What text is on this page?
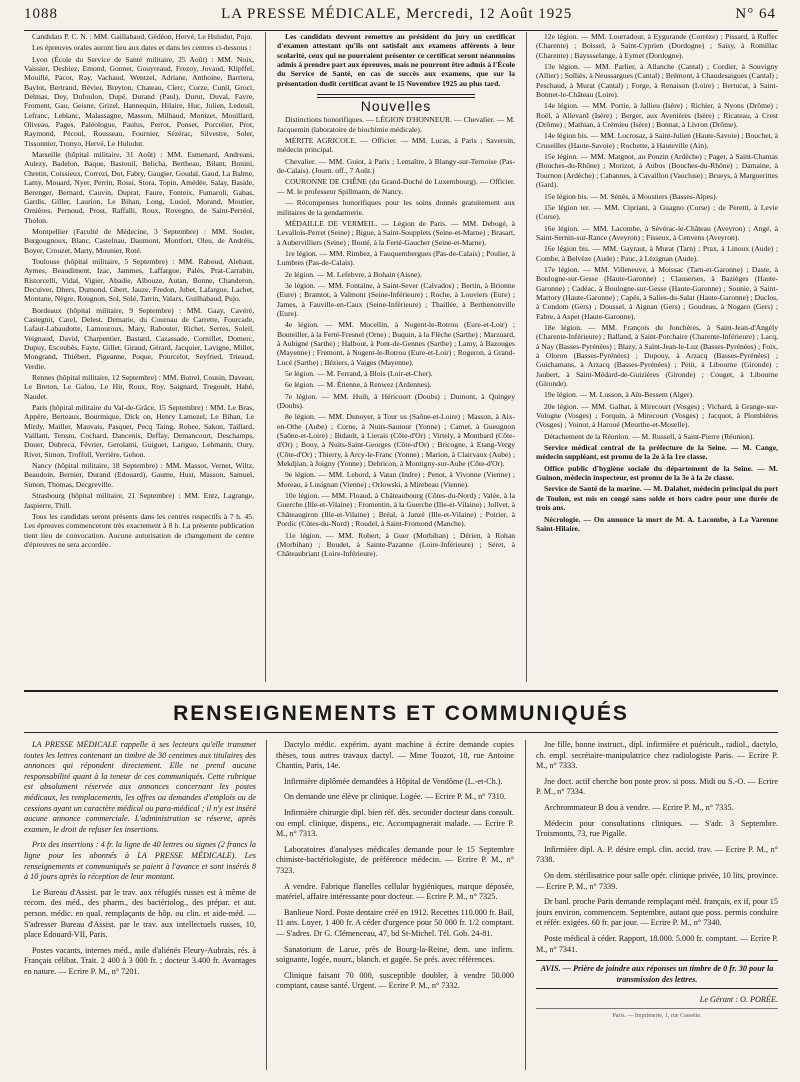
1088	LA PRESSE MÉDICALE, Mercredi, 12 Août 1925	N° 64

Candidats P. C. N. : MM. Gaillabaud, Gédéon, Hervé, Le Huludut, Pujo.

Les épreuves orales auront lieu aux dates et dans les centres ci-dessous :

Lyon (École du Service de Santé militaire, 25 Août) : MM. Noix, Vaissier, Desbiez, Emond, Gonnet, Gouyreaud, Frezoy, Juvaud, Klipffel, Mouillé, Pacot, Ray, Vachaud, Wentzel, Adriane, Anthoine, Barriera, Baylot, Bertrand, Bévier, Breyton, Chateau, Clerc, Corze, Cunil, Groci, Delmas, Dey, Dufoulon, Dupé, Durand (Paul), Durut, Duval, Favre, Froment, Gau, Geisne, Grizel, Hannequin, Hilaire, Huc, Julien, Ledeuil, Lefranc, Leblanc, Malassagne, Masson, Milhaud, Monizet, Mouillard, Oliveau, Pages, Paléologue, Paulus, Perrot, Ponset, Porcelier, Prot, Raymond, Pécoul, Rousseau, Fournier, Sézérac, Silvestre, Soler, Tissonnier, Tronyo, Hervé, Le Huludut.

Marseille (hôpital militaire, 31 Août) : MM. Esmenard, Andreani, Aulezy, Badelon, Baque, Bastouil, Belicha, Bertheau, Bilant, Bonini, Chretin, Coissieux, Correzi, Dot, Fabry, Gaugier, Goudal, Gaud, La Balme, Lamy, Mouard, Nyer, Perrin, Rossi, Stora, Topin, Amédée, Salay, Baside, Berenger, Bernard, Cauvin, Duprat, Faure, Fonteix, Fumaroli, Gabas, Gardis, Giller, Laurion, Le Bihan, Long, Lusiol, Morand, Moutier, Ornières, Pernoud, Prost, Raffalli, Roux, Rovegno, de Saint-Perréol, Tholon.

Montpellier (Faculté de Médecine, 3 Septembre) : MM. Souler, Burgougnoux, Blanc, Castelnau, Daumont, Montfort, Oleu, de Andréis, Boyer, Crouzet, Marty, Mounier, Roté.

Toulouse (hôpital militaire, 5 Septembre) : MM. Raboud, Alehaut, Aymes, Beaudiment, Izac, Jammes, Laffargue, Palès, Prat-Carrabin, Ristorcelli, Vidal, Vigier, Abadie, Albouze, Autan, Bonne, Chanderon, Decuiver, Dhers, Dumond, Gbert, Jauze, Fredon, Jubet, Lafargue, Lachet, Montane, Nègre, Rougnon, Sol, Solé, Tarrin, Valarx, Guilhabaud, Pujo.

Bordeaux (hôpital militaire, 9 Septembre) : MM. Gaay, Cavéré, Castegnit, Carel, Delest, Demarie, du Couroau de Carrette, Fourcade, Lafaut-Labaudotte, Lamouroux, Mary, Rabouter, Richet, Serres, Soleil, Veignaud, David, Charpentier, Bastard, Cazassade, Corniflet, Domerc, Dupuy, Escoubès, Fayte, Gillet, Giraud, Gérard, Jacquier, Lavigne, Millet, Mongrand, Thiébert, Pigeanne, Poque, Pourcelot, Seyfried, Trieaud, Verdie.

Rennes (hôpital militaire, 12 Septembre) : MM. Botrel, Cousin, Daveau, Le Breton, Le Galou, Le Hir, Roux, Roy, Saignard, Tregouët, Hahé, Naudet.

Paris (hôpital militaire du Val-de-Grâce, 15 Septembre) : MM. Le Bras, Appère, Berteaux, Bourmique, Dick on, Henry Lamezel, Le Bihan, Le Mirdy, Mailler, Mauvais, Pasquet, Pecq Taing, Rohee, Sakon, Taillard, Vaillant, Tereau, Cochard, Dancenis, Deffay, Demancourt, Deschamps, Douer, Dubreca, Février, Gerolami, Guiguet, Lariguo, Lehmann, Oury, Rivet, Simon, Troffoll, Verrière, Gehon.

Nancy (hôpital militaire, 18 Septembre) : MM. Massot, Vernet, Wiltz, Beaudoin, Bernier, Durand (Edouard), Gaume, Hust, Masson, Samuel, Simon, Thomas, Decgreville.

Strasbourg (hôpital militaire, 21 Septembre) : MM. Entz, Lagrange, Jaspierre, Thill.

Tous les candidats seront présents dans les centres respectifs à 7 h. 45. Les épreuves commenceront très exactement à 8 h. La présente publication tient lieu de convocation. Aucune autorisation de changement de centre d'épreuves ne sera accordée.

Les candidats devront remettre au président du jury un certificat d'examen attestant qu'ils ont satisfait aux examens afférents à leur scolarité, ceux qui ne pourraient présenter ce certificat seront néanmoins admis à prendre part aux épreuves, mais ne pourront être admis à l'École du Service de Santé, en cas de succès aux examens, que sur la présentation dudit certificat avant le 15 Novembre 1925 au plus tard.

Nouvelles

Distinctions honorifiques. — LÉGION D'HONNEUR. — Chevalier. — M. Jacquemin (laboratoire de biochimie médicale).

MÉRITE AGRICOLE. — Officier. — MM. Lucas, à Paris ; Saveroin, médecin principal.

Chevalier. — MM. Guiot, à Paris ; Lemaître, à Blangy-sur-Ternoise (Pas-de-Calais). (Journ. off., 7 Août.)

COURONNE DE CHÊNE (du Grand-Duché de Luxembourg). — Officier. — M. le professeur Spillmann, de Nancy.

— Récompenses honorifiques pour les soins donnés gratuitement aux militaires de la gendarmerie.

MÉDAILLE DE VERMEIL. — Légion de Paris. — MM. Debogé, à Levallois-Perret (Seine) ; Bigue, à Saint-Soupplets (Seine-et-Marne) ; Brasart, à Aubervilliers (Seine) ; Bouté, à la Ferté-Gaucher (Seine-et-Marne).

1re légion. — MM. Rimbez, à Fauquembergues (Pas-de-Calais) ; Poulier, à Lumbres (Pas-de-Calais).

2e légion. — M. Lefebvre, à Bohain (Aisne).

3e légion. — MM. Fontaine, à Saint-Sever (Calvados) ; Bertin, à Brionne (Eure) ; Bramtot, à Valmont (Seine-Inférieure) ; Roche, à Louviers (Eure) ; James, à Fauville-en-Caux (Seine-Inférieure) ; Thaillée, à Berthenonville (Eure).

4e légion. — MM. Mocellin, à Nogent-le-Rotrou (Eure-et-Loir) ; Bouteiller, à la Ferté-Fresnel (Orne) ; Buquin, à la Flèche (Sarthe) ; Marzuard, à Aubigné (Sarthe) ; Halbout, à Pont-de-Gennes (Sarthe) ; Lamy, à Bazouges (Mayenne) ; Fremont, à Nogent-le-Rotrou (Eure-et-Loir) ; Rogeron, à Grand-Lucé (Sarthe) ; Béziers, à Vaiges (Mayenne).

5e légion. — M. Ferrand, à Blois (Loir-et-Cher).

6e légion. — M. Étienne, à Renwez (Ardennes).

7e légion. — MM. Huih, à Héricourt (Doubs) ; Dumont, à Quingey (Doubs).

8e légion. — MM. Dunoyer, à Tour us (Saône-et-Loire) ; Masson, à Aix-en-Othe (Aube) ; Corne, à Nuits-Sautour (Yonne) ; Camet, à Gueugnon (Saône-et-Loire) ; Bidault, à Lierais (Côte-d'Or) ; Virtely, à Montbard (Côte-d'Or) ; Bouy, à Nuits-Saint-Georges (Côte-d'Or) ; Bricogne, à Etang-Vergy (Côte-d'Or) ; Thierry, à Arcy-le-Franc (Yonne) ; Marion, à Clairvaux (Aube) ; Mekdjian, à Joigny (Yonne) ; Debricon, à Montigny-sur-Aube (Côte-d'Or).

9e légion. — MM. Lebord, à Vatan (Indre) ; Penot, à Vivonne (Vienne) ; Moreau, à Lusignan (Vienne) ; Orlowski, à Mirebeau (Vienne).

10e légion. — MM. Floaud, à Châteaubourg (Côtes-du-Nord) ; Valée, à la Guerche (Ille-et-Vilaine) ; Fromentin, à la Guerche (Ille-et-Vilaine) ; Jollvet, à Châteaugiron (Ille-et-Vilaine) ; Bréal, à Janzé (Ille-et-Vilaine) ; Poirier, à Pordic (Côtes-du-Nord) ; Roudel, à Saint-Fromond (Manche).

11e légion. — MM. Robert, à Guer (Morbihan) ; Dérien, à Rohan (Morbihan) ; Boudet, à Sainte-Pazanne (Loire-Inférieure) ; Séret, à Châteaubriant (Loire-Inférieure).

12e légion. — MM. Lourradour, à Eygurande (Corrèze) ; Pissard, à Ruffec (Charente) ; Boissel, à Saint-Cyprien (Dordogne) ; Saisy, à Romillac (Charente) ; Bayssselange, à Eymet (Dordogne).

13e légion. — MM. Parlier, à Allanche (Cantal) ; Cordier, à Souvigny (Allier) ; Solliès, à Neussargues (Cantal) ; Brémont, à Chaudesaigues (Cantal) ; Peschaud, à Murat (Cantal) ; Forge, à Renaison (Loire) ; Bertucat, à Saint-Bonnet-le-Château (Loire).

14e légion. — MM. Portie, à Jallieu (Isère) ; Richier, à Nyons (Drôme) ; Roël, à Allevard (Isère) ; Berger, aux Avenières (Isère) ; Ricateau, à Crest (Drôme) ; Mathian, à Crémieu (Isère) ; Bonnat, à Livron (Drôme).

14e légion bis. — MM. Locrosaz, à Saint-Julien (Haute-Savoie) ; Bouchet, à Cruseilles (Haute-Savoie) ; Rochette, à Hauteville (Ain).

15e légion. — MM. Matgnot, au Pouzin (Ardèche) ; Paget, à Saint-Chamas (Bouches-du-Rhône) ; Morizot, à Aubos (Bouches-du-Rhône) ; Damaine, à Tournon (Ardèche) ; Cabannes, à Cavaillon (Vaucluse) ; Brueys, à Marguerittes (Gard).

15e légion bis. — M. Sénès, à Moustiers (Basses-Alpes).

15e légion ter. — MM. Cipriani, à Guagno (Corse) ; de Peretti, à Levie (Corse).

16e légion. — MM. Lacombe, à Sévérac-le-Château (Aveyron) ; Angé, à Saint-Sernin-sur-Rance (Aveyron) ; Fisseux, à Cenvens (Aveyron).

16e légion bis. — MM. Gayraut, à Murat (Tarn) ; Prax, à Linoux (Aude) ; Combe, à Belvèze (Aude) ; Pauc, à Lézignan (Aude).

17e légion. — MM. Villeneuve, à Moissac (Tarn-et-Garonne) ; Daste, à Boulogne-sur-Gesse (Haute-Garonne) ; Clauserses, à Bazièges (Haute-Garonne) ; Cadéac, à Boulogne-sur-Gesse (Haute-Garonne) ; Sounie, à Saint-Martory (Haute-Garonne) ; Capés, à Salies-du-Salat (Haute-Garonne) ; Duclos, à Condom (Gers) ; Doussel, à Aignan (Gers) ; Goudeau, à Nogaro (Gers) ; Fabre, à Aspet (Haute-Garonne).

18e légion. — MM. François du Jonchères, à Saint-Jean-d'Angély (Charente-Inférieure) ; Balland, à Saint-Porchaire (Charente-Inférieure) ; Lacq, à Nay (Basses-Pyrénées) ; Blazy, à Saint-Jean-le-Luz (Basses-Pyrénées) ; Foix, à Oloron (Basses-Pyrénées) ; Dupouy, à Arzacq (Basses-Pyrénées) ; Guichamans, à Arzacq (Basses-Pyrénées) ; Petit, à Libourne (Gironde) ; Jaubert, à Saint-Médard-de-Guizières (Gironde) ; Couget, à Libourne (Gironde).

19e légion. — M. Lusson, à Aïn-Bessem (Alger).

20e légion. — MM. Galhat, à Mirecourt (Vosges) ; Vichard, à Grange-sur-Vologne (Vosges) ; Forquin, à Mirecourt (Vosges) ; Jacquot, à Plombières (Vosges) ; Voinot, à Haroué (Meurthe-et-Moselle).

Détachement de la Réunion. — M. Russell, à Saint-Pierre (Réunion).

Service médical central de la préfecture de la Seine. — M. Cange, médecin suppléant, est promu de la 2e à la 1re classe.

Office public d'hygiène sociale du département de la Seine. — M. Guinon, médecin inspecteur, est promu de la 3e à la 2e classe.

Service de Santé de la marine. — M. Dalahet, médecin principal du port de Toulon, est mis en congé sans solde et hors cadre pour une durée de trois ans.

Nécrologie. — On annonce la mort de M. A. Lacombe, à La Varenne Saint-Hilaire.

RENSEIGNEMENTS ET COMMUNIQUÉS

LA PRESSE MÉDICALE rappelle à ses lecteurs qu'elle transmet toutes les lettres contenant un timbre de 30 centimes aux titulaires des annonces qui répondent directement. Elle ne prend aucune responsabilité quant à la teneur de ces communiqués. Cette rubrique est absolument réservée aux annonces concernant les postes médicaux, les remplacements, les offres ou demandes d'emplois ou de cessions ayant un caractère médical ou para-médical ; il n'y est inséré aucune annonce commerciale. L'administration se réserve, après examen, le droit de refuser les insertions.

Prix des insertions : 4 fr. la ligne de 40 lettres ou signes (2 francs la ligne pour les abonnés à LA PRESSE MÉDICALE). Les renseignements et communiqués se paient à l'avance et sont insérés 8 à 10 jours après la réception de leur montant.

Le Bureau d'Assist. par le trav. aux réfugiés russes est à même de recom. des méd., des pharm., des bactériolog., des prépar. et aut. person. médic. en qual. remplaçants de hôp. ou clin. et aide-méd. — S'adresser Bureau d'Assist. par le trav. aux intellectuels russes, 10, place Edouard-VII, Paris.

Postes vacants, internes méd., asile d'aliénés Fleury-Aubrais, rés. à Français célibat. Trait. 2 400 à 3 000 fr. ; docteur 3.400 fr. Avantages en nature. — Ecrire P. M., n° 7201.

Dactylo médic. expérim. ayant machine à écrire demande copies thèses, tous autres travaux dactyl. — Mme Touzot, 18, rue Antoine Chantin, Paris, 14e.

Infirmière diplômée demandées à Hôpital de Vendôme (L.-et-Ch.).

On demande une élève pr clinique. Logée. — Ecrire P. M., n° 7310.

Infirmière chirurgie dipl. bien réf. dés. seconder docteur dans consult. ou empl. clinique, dispens., etc. Accompagnerait malade. — Ecrire P. M., n° 7313.

Laboratoires d'analyses médicales demande pour le 15 Septembre chimiste-bactériologiste, de préférence médecin. — Ecrire P. M., n° 7323.

A vendre. Fabrique flanelles cellular hygiéniques, marque déposée, matériel, affaire intéressante pour docteur. — Ecrire P. M., n° 7325.

Banlieue Nord. Poste dentaire créé en 1912. Recettes 110.000 fr. Bail, 11 ans. Loyer, 1 400 fr. A céder d'urgence pour 50 000 fr. 1/2 comptant. — S'adres. Dr G. Clémenceau, 47, bd St-Michel. Tél. Gob. 24-81.

Sanatorium de Larue, près de Bourg-la-Reine, dem. une infirm. soignante, logée, nourr., blanch. et gagée. Se prés. avec références.

Clinique faisant 70 000, susceptible doubler, à vendre 50.000 comptant, cause santé. Urgent. — Ecrire P. M., n° 7332.

Jne fille, bonne instruct., dipl. infirmière et puéricult., radiol., dactylo, ch. empl. secrétaire-manipulatrice chez radiologiste Paris. — Ecrire P. M., n° 7333.

Jne doct. actif cherche bon poste prov. si poss. Midi ou S.-O. — Ecrire P. M., n° 7334.

Archrommateur B dou à vendre. — Ecrire P. M., n° 7335.

Médecin pour consultations cliniques. — S'adr. 3 Septembre. Troismonts, 73, rue Pigalle.

Infirmière dipl. A. P. désire empl. clin. accid. trav. — Ecrire P. M., n° 7338.

On dem. stérilisatrice pour salle opér. clinique privée, 10 lits, province. — Ecrire P. M., n° 7339.

Dr banl. proche Paris demande remplaçant méd. français, ex if, pour 15 jours environ, commencem. Septembre, autant que poss. permis conduire et référ. exigées. 60 fr. par jour. — Ecrire P. M., n° 7340.

Poste médical à céder. Rapport, 18.000. 5.000 fr. comptant. — Ecrire P. M., n° 7341.

AVIS. — Prière de joindre aux réponses un timbre de 0 fr. 30 pour la transmission des lettres.
Le Gérant : O. PORÉE.
Paris. — Imprimerie, 1, rue Cassette.
